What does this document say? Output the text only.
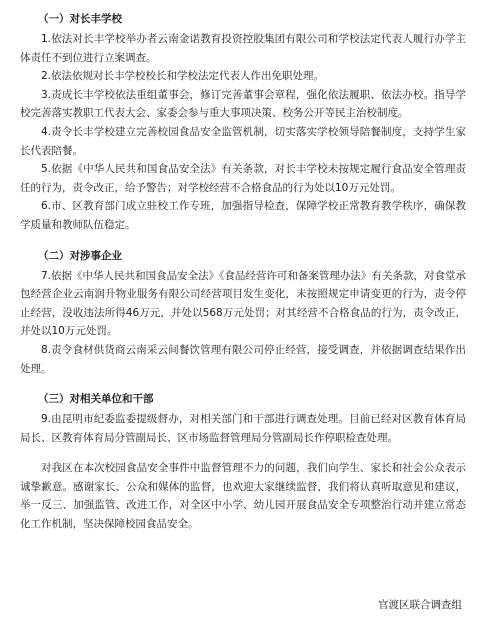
（一）对长丰学校

1.依法对长丰学校举办者云南金诺教育投资控股集团有限公司和学校法定代表人履行办学主体责任不到位进行立案调查。

2.依法依规对长丰学校校长和学校法定代表人作出免职处理。

3.责成长丰学校依法重组董事会，修订完善董事会章程，强化依法履职、依法办校。指导学校完善落实教职工代表大会、家委会参与重大事项决策、校务公开等民主治校制度。

4.责令长丰学校建立完善校园食品安全监管机制，切实落实学校领导陪餐制度，支持学生家长代表陪餐。

5.依据《中华人民共和国食品安全法》有关条款，对长丰学校未按规定履行食品安全管理责任的行为，责令改正，给予警告；对学校经营不合格食品的行为处以10万元处罚。

6.市、区教育部门成立驻校工作专班，加强指导检查，保障学校正常教育教学秩序，确保教学质量和教师队伍稳定。

（二）对涉事企业

7.依据《中华人民共和国食品安全法》《食品经营许可和备案管理办法》有关条款，对食堂承包经营企业云南润升物业服务有限公司经营项目发生变化，未按照规定申请变更的行为，责令停止经营，没收违法所得46万元，并处以568万元处罚；对其经营不合格食品的行为，责令改正，并处以10万元处罚。

8.责令食材供货商云南采云间餐饮管理有限公司停止经营，接受调查，并依据调查结果作出处理。

（三）对相关单位和干部

9.由昆明市纪委监委提级督办，对相关部门和干部进行调查处理。目前已经对区教育体育局局长、区教育体育局分管副局长、区市场监督管理局分管副局长作停职检查处理。

对我区在本次校园食品安全事件中监督管理不力的问题，我们向学生、家长和社会公众表示诚挚歉意。感谢家长、公众和媒体的监督，也欢迎大家继续监督，我们将认真听取意见和建议，举一反三、加强监管、改进工作，对全区中小学、幼儿园开展食品安全专项整治行动并建立常态化工作机制，坚决保障校园食品安全。

官渡区联合调查组
